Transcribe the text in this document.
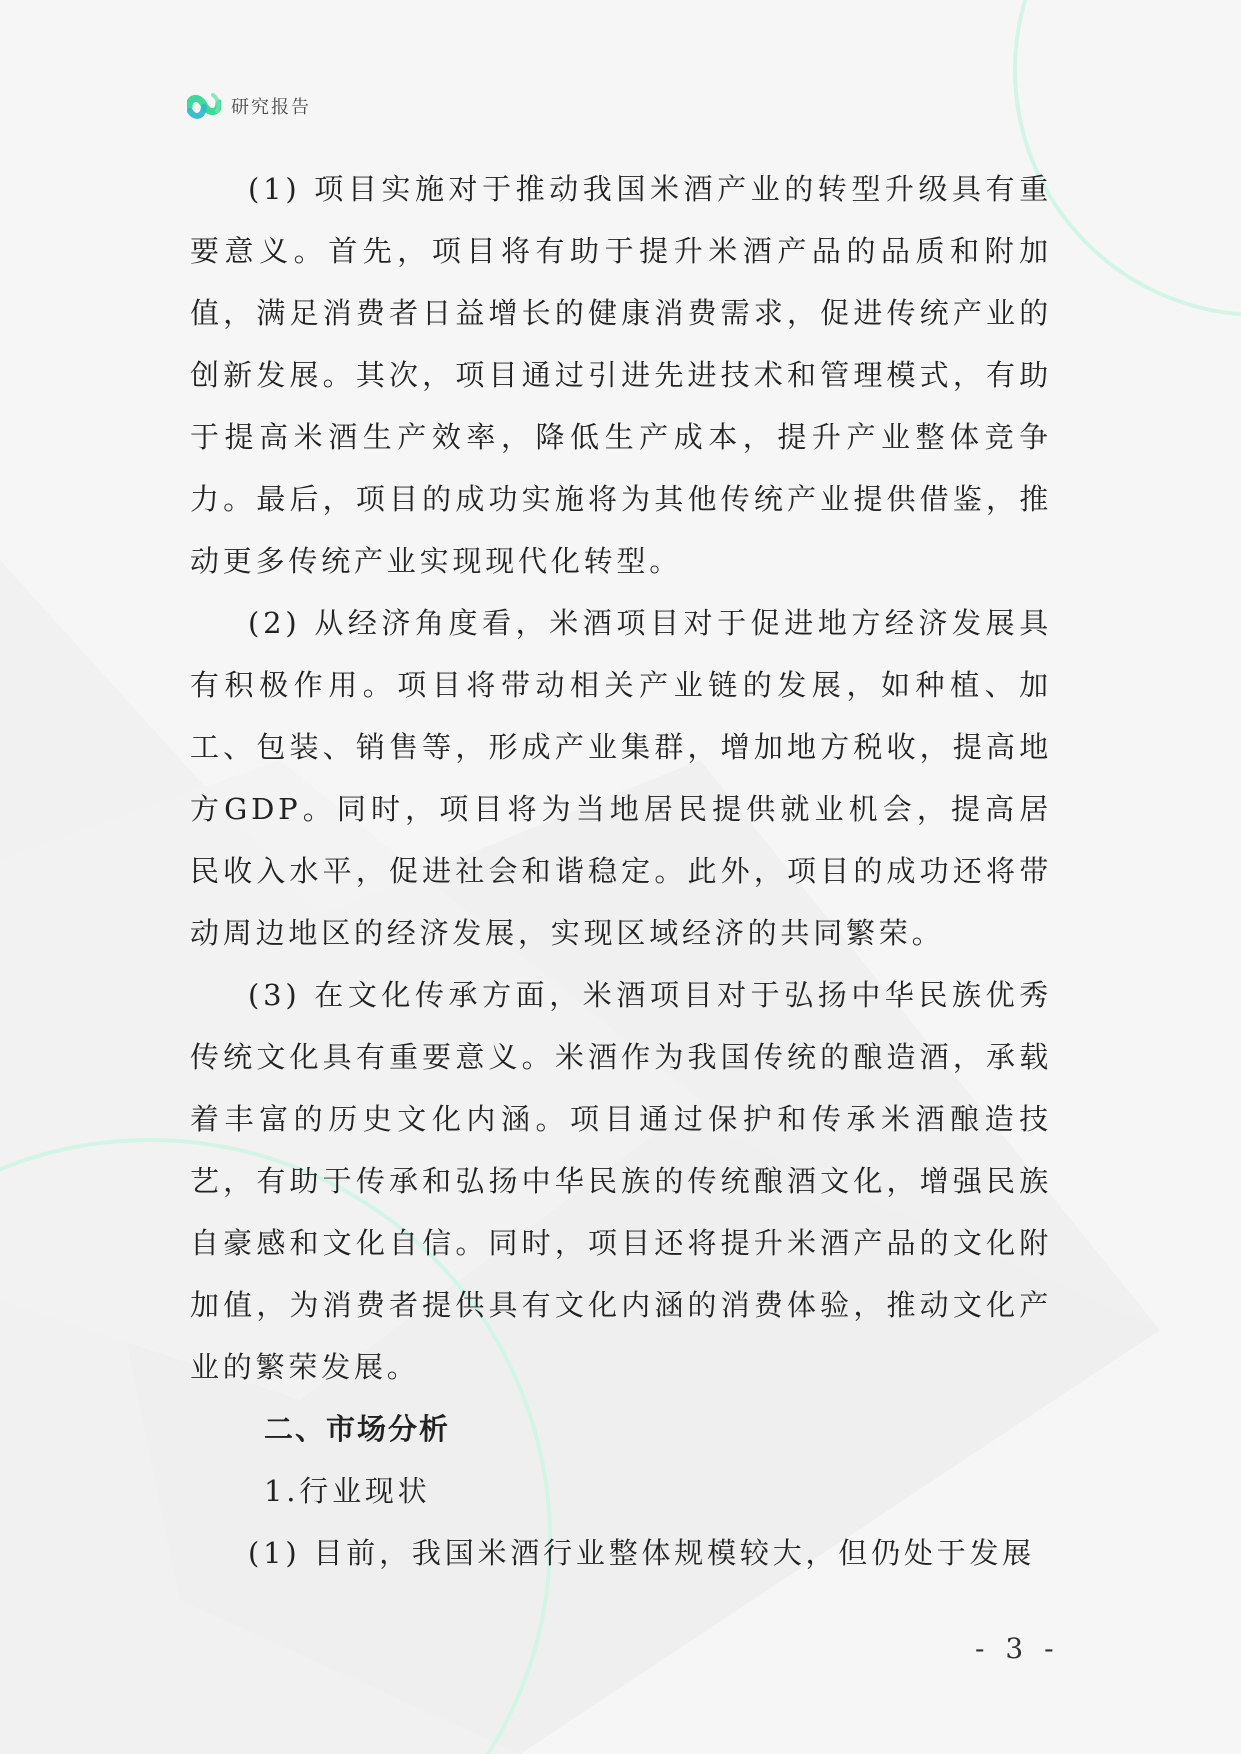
研究报告

(1) 项目实施对于推动我国米酒产业的转型升级具有重要意义。首先，项目将有助于提升米酒产品的品质和附加值，满足消费者日益增长的健康消费需求，促进传统产业的创新发展。其次，项目通过引进先进技术和管理模式，有助于提高米酒生产效率，降低生产成本，提升产业整体竞争力。最后，项目的成功实施将为其他传统产业提供借鉴，推动更多传统产业实现现代化转型。

(2) 从经济角度看，米酒项目对于促进地方经济发展具有积极作用。项目将带动相关产业链的发展，如种植、加工、包装、销售等，形成产业集群，增加地方税收，提高地方GDP。同时，项目将为当地居民提供就业机会，提高居民收入水平，促进社会和谐稳定。此外，项目的成功还将带动周边地区的经济发展，实现区域经济的共同繁荣。

(3) 在文化传承方面，米酒项目对于弘扬中华民族优秀传统文化具有重要意义。米酒作为我国传统的酿造酒，承载着丰富的历史文化内涵。项目通过保护和传承米酒酿造技艺，有助于传承和弘扬中华民族的传统酿酒文化，增强民族自豪感和文化自信。同时，项目还将提升米酒产品的文化附加值，为消费者提供具有文化内涵的消费体验，推动文化产业的繁荣发展。

二、市场分析

1.行业现状

(1) 目前，我国米酒行业整体规模较大，但仍处于发展

- 3 -
